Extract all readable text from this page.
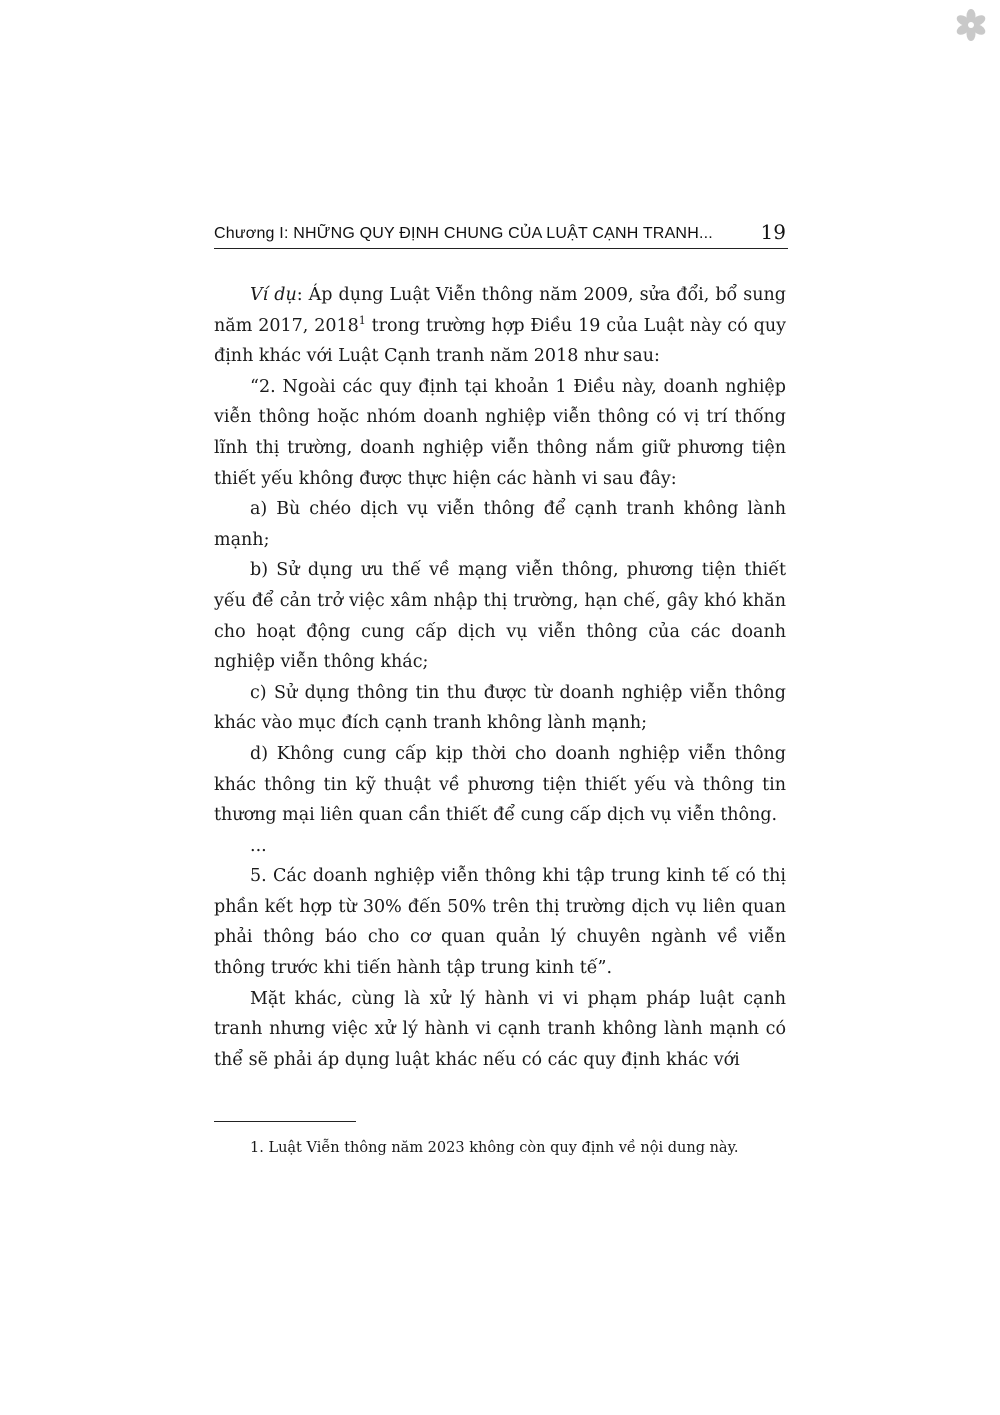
Chương I: NHỮNG QUY ĐỊNH CHUNG CỦA LUẬT CẠNH TRANH... 19

Ví dụ: Áp dụng Luật Viễn thông năm 2009, sửa đổi, bổ sung năm 2017, 2018$^1$ trong trường hợp Điều 19 của Luật này có quy định khác với Luật Cạnh tranh năm 2018 như sau:

“2. Ngoài các quy định tại khoản 1 Điều này, doanh nghiệp viễn thông hoặc nhóm doanh nghiệp viễn thông có vị trí thống lĩnh thị trường, doanh nghiệp viễn thông nắm giữ phương tiện thiết yếu không được thực hiện các hành vi sau đây:

a) Bù chéo dịch vụ viễn thông để cạnh tranh không lành mạnh;

b) Sử dụng ưu thế về mạng viễn thông, phương tiện thiết yếu để cản trở việc xâm nhập thị trường, hạn chế, gây khó khăn cho hoạt động cung cấp dịch vụ viễn thông của các doanh nghiệp viễn thông khác;

c) Sử dụng thông tin thu được từ doanh nghiệp viễn thông khác vào mục đích cạnh tranh không lành mạnh;

d) Không cung cấp kịp thời cho doanh nghiệp viễn thông khác thông tin kỹ thuật về phương tiện thiết yếu và thông tin thương mại liên quan cần thiết để cung cấp dịch vụ viễn thông.

...

5. Các doanh nghiệp viễn thông khi tập trung kinh tế có thị phần kết hợp từ 30% đến 50% trên thị trường dịch vụ liên quan phải thông báo cho cơ quan quản lý chuyên ngành về viễn thông trước khi tiến hành tập trung kinh tế”.

Mặt khác, cùng là xử lý hành vi vi phạm pháp luật cạnh tranh nhưng việc xử lý hành vi cạnh tranh không lành mạnh có thể sẽ phải áp dụng luật khác nếu có các quy định khác với

1. Luật Viễn thông năm 2023 không còn quy định về nội dung này.
